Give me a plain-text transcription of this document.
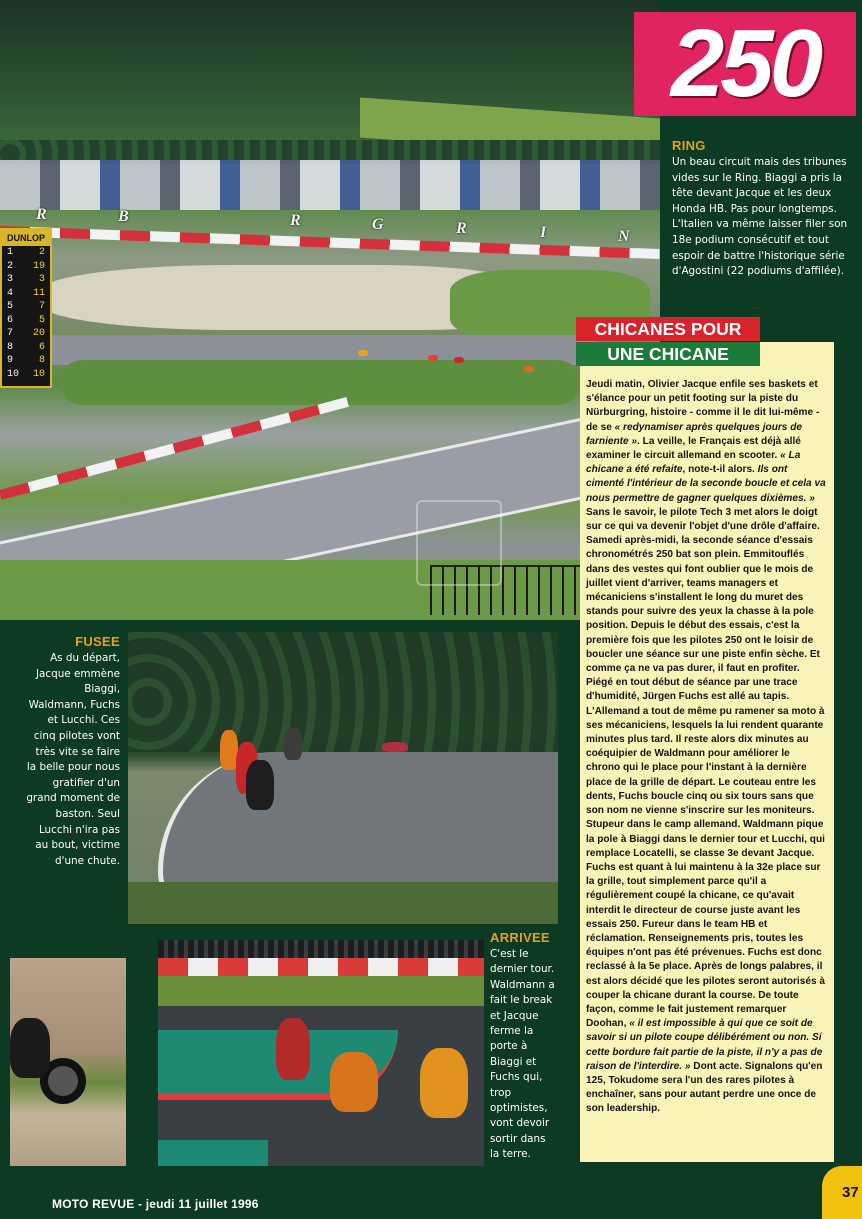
R	B	R	G	R	I	N
DUNLOP
1	2
2 19
3	3
4 11
5	7
6	5
7 20
8	6
9	8
10 10
250
RING
Un beau circuit mais des tribunes vides sur le Ring. Biaggi a pris la tête devant Jacque et les deux Honda HB. Pas pour longtemps. L'Italien va même laisser filer son 18e podium consécutif et tout espoir de battre l'historique série d'Agostini (22 podiums d'affilée).

Jeudi matin, Olivier Jacque enfile ses baskets et s'élance pour un petit footing sur la piste du Nürburgring, histoire - comme il le dit lui-même - de se « redynamiser après quelques jours de farniente ». La veille, le Français est déjà allé examiner le circuit allemand en scooter. « La chicane a été refaite, note-t-il alors. Ils ont cimenté l'intérieur de la seconde boucle et cela va nous permettre de gagner quelques dixièmes. » Sans le savoir, le pilote Tech 3 met alors le doigt sur ce qui va devenir l'objet d'une drôle d'affaire.

Samedi après-midi, la seconde séance d'essais chronométrés 250 bat son plein. Emmitouflés dans des vestes qui font oublier que le mois de juillet vient d'arriver, teams managers et mécaniciens s'installent le long du muret des stands pour suivre des yeux la chasse à la pole position. Depuis le début des essais, c'est la première fois que les pilotes 250 ont le loisir de boucler une séance sur une piste enfin sèche. Et comme ça ne va pas durer, il faut en profiter. Piégé en tout début de séance par une trace d'humidité, Jürgen Fuchs est allé au tapis. L'Allemand a tout de même pu ramener sa moto à ses mécaniciens, lesquels la lui rendent quarante minutes plus tard. Il reste alors dix minutes au coéquipier de Waldmann pour améliorer le chrono qui le place pour l'instant à la dernière place de la grille de départ. Le couteau entre les dents, Fuchs boucle cinq ou six tours sans que son nom ne vienne s'inscrire sur les moniteurs. Stupeur dans le camp allemand. Waldmann pique la pole à Biaggi dans le dernier tour et Lucchi, qui remplace Locatelli, se classe 3e devant Jacque. Fuchs est quant à lui maintenu à la 32e place sur la grille, tout simplement parce qu'il a régulièrement coupé la chicane, ce qu'avait interdit le directeur de course juste avant les essais 250. Fureur dans le team HB et réclamation. Renseignements pris, toutes les équipes n'ont pas été prévenues. Fuchs est donc reclassé à la 5e place. Après de longs palabres, il est alors décidé que les pilotes seront autorisés à couper la chicane durant la course. De toute façon, comme le fait justement remarquer Doohan, « il est impossible à qui que ce soit de savoir si un pilote coupe délibérément ou non. Si cette bordure fait partie de la piste, il n'y a pas de raison de l'interdire. » Dont acte. Signalons qu'en 125, Tokudome sera l'un des rares pilotes à enchaîner, sans pour autant perdre une once de son leadership.

CHICANES POUR
UNE CHICANE
FUSEE
As du départ, Jacque emmène Biaggi, Waldmann, Fuchs et Lucchi. Ces cinq pilotes vont très vite se faire la belle pour nous gratifier d'un grand moment de baston. Seul Lucchi n'ira pas au bout, victime d'une chute.
ARRIVEE
C'est le dernier tour. Waldmann a fait le break et Jacque ferme la porte à Biaggi et Fuchs qui, trop optimistes, vont devoir sortir dans la terre.
MOTO REVUE - jeudi 11 juillet 1996
37
